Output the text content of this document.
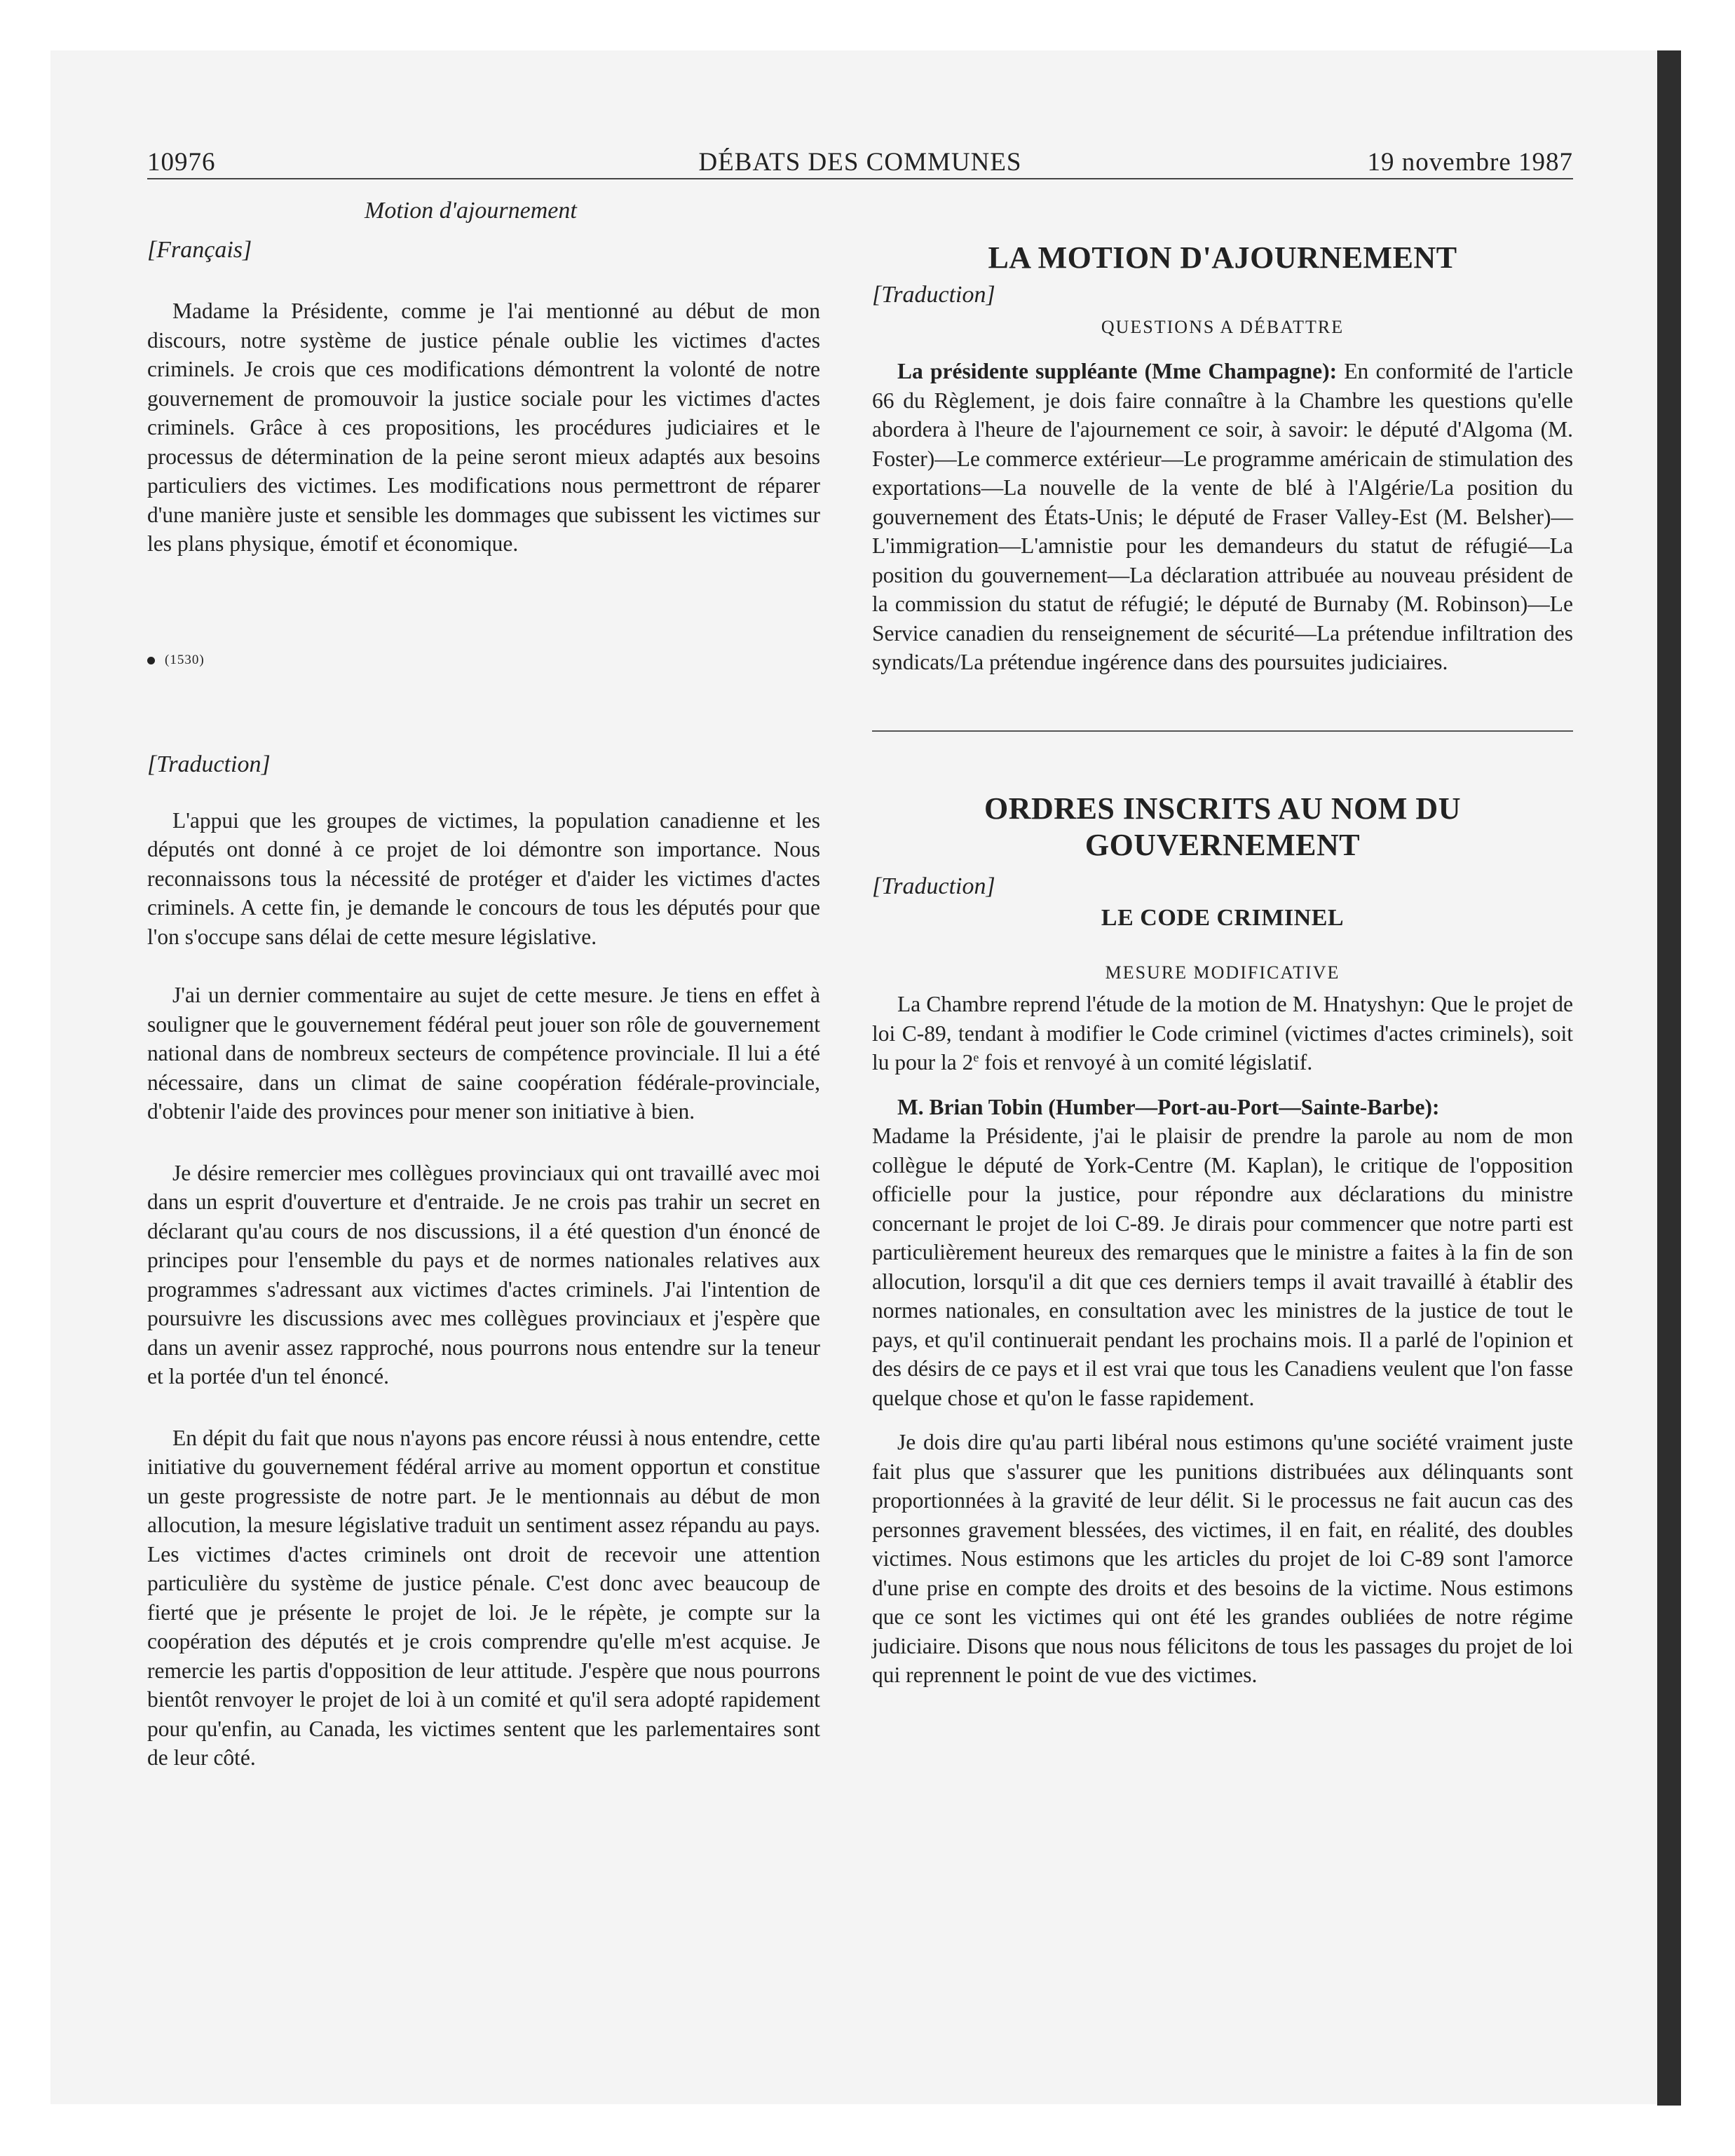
10976	DÉBATS DES COMMUNES	19 novembre 1987
Motion d'ajournement
[Français]

Madame la Présidente, comme je l'ai mentionné au début de mon discours, notre système de justice pénale oublie les victimes d'actes criminels. Je crois que ces modifications démontrent la volonté de notre gouvernement de promouvoir la justice sociale pour les victimes d'actes criminels. Grâce à ces propositions, les procédures judiciaires et le processus de détermination de la peine seront mieux adaptés aux besoins particuliers des victimes. Les modifications nous permettront de réparer d'une manière juste et sensible les dommages que subissent les victimes sur les plans physique, émotif et économique.

(1530)
[Traduction]

L'appui que les groupes de victimes, la population canadienne et les députés ont donné à ce projet de loi démontre son importance. Nous reconnaissons tous la nécessité de protéger et d'aider les victimes d'actes criminels. A cette fin, je demande le concours de tous les députés pour que l'on s'occupe sans délai de cette mesure législative.

J'ai un dernier commentaire au sujet de cette mesure. Je tiens en effet à souligner que le gouvernement fédéral peut jouer son rôle de gouvernement national dans de nombreux secteurs de compétence provinciale. Il lui a été nécessaire, dans un climat de saine coopération fédérale-provinciale, d'obtenir l'aide des provinces pour mener son initiative à bien.

Je désire remercier mes collègues provinciaux qui ont travaillé avec moi dans un esprit d'ouverture et d'entraide. Je ne crois pas trahir un secret en déclarant qu'au cours de nos discussions, il a été question d'un énoncé de principes pour l'ensemble du pays et de normes nationales relatives aux programmes s'adressant aux victimes d'actes criminels. J'ai l'intention de poursuivre les discussions avec mes collègues provinciaux et j'espère que dans un avenir assez rapproché, nous pourrons nous entendre sur la teneur et la portée d'un tel énoncé.

En dépit du fait que nous n'ayons pas encore réussi à nous entendre, cette initiative du gouvernement fédéral arrive au moment opportun et constitue un geste progressiste de notre part. Je le mentionnais au début de mon allocution, la mesure législative traduit un sentiment assez répandu au pays. Les victimes d'actes criminels ont droit de recevoir une attention particulière du système de justice pénale. C'est donc avec beaucoup de fierté que je présente le projet de loi. Je le répète, je compte sur la coopération des députés et je crois comprendre qu'elle m'est acquise. Je remercie les partis d'opposition de leur attitude. J'espère que nous pourrons bientôt renvoyer le projet de loi à un comité et qu'il sera adopté rapidement pour qu'enfin, au Canada, les victimes sentent que les parlementaires sont de leur côté.

LA MOTION D'AJOURNEMENT
[Traduction]
QUESTIONS A DÉBATTRE

La présidente suppléante (Mme Champagne): En conformité de l'article 66 du Règlement, je dois faire connaître à la Chambre les questions qu'elle abordera à l'heure de l'ajournement ce soir, à savoir: le député d'Algoma (M. Foster)—Le commerce extérieur—Le programme américain de stimulation des exportations—La nouvelle de la vente de blé à l'Algérie/La position du gouvernement des États-Unis; le député de Fraser Valley-Est (M. Belsher)—L'immigration—L'amnistie pour les demandeurs du statut de réfugié—La position du gouvernement—La déclaration attribuée au nouveau président de la commission du statut de réfugié; le député de Burnaby (M. Robinson)—Le Service canadien du renseignement de sécurité—La prétendue infiltration des syndicats/La prétendue ingérence dans des poursuites judiciaires.

ORDRES INSCRITS AU NOM DU GOUVERNEMENT
[Traduction]
LE CODE CRIMINEL
MESURE MODIFICATIVE

La Chambre reprend l'étude de la motion de M. Hnatyshyn: Que le projet de loi C-89, tendant à modifier le Code criminel (victimes d'actes criminels), soit lu pour la 2e fois et renvoyé à un comité législatif.

M. Brian Tobin (Humber—Port-au-Port—Sainte-Barbe):

Madame la Présidente, j'ai le plaisir de prendre la parole au nom de mon collègue le député de York-Centre (M. Kaplan), le critique de l'opposition officielle pour la justice, pour répondre aux déclarations du ministre concernant le projet de loi C-89. Je dirais pour commencer que notre parti est particulièrement heureux des remarques que le ministre a faites à la fin de son allocution, lorsqu'il a dit que ces derniers temps il avait travaillé à établir des normes nationales, en consultation avec les ministres de la justice de tout le pays, et qu'il continuerait pendant les prochains mois. Il a parlé de l'opinion et des désirs de ce pays et il est vrai que tous les Canadiens veulent que l'on fasse quelque chose et qu'on le fasse rapidement.

Je dois dire qu'au parti libéral nous estimons qu'une société vraiment juste fait plus que s'assurer que les punitions distribuées aux délinquants sont proportionnées à la gravité de leur délit. Si le processus ne fait aucun cas des personnes gravement blessées, des victimes, il en fait, en réalité, des doubles victimes. Nous estimons que les articles du projet de loi C-89 sont l'amorce d'une prise en compte des droits et des besoins de la victime. Nous estimons que ce sont les victimes qui ont été les grandes oubliées de notre régime judiciaire. Disons que nous nous félicitons de tous les passages du projet de loi qui reprennent le point de vue des victimes.
